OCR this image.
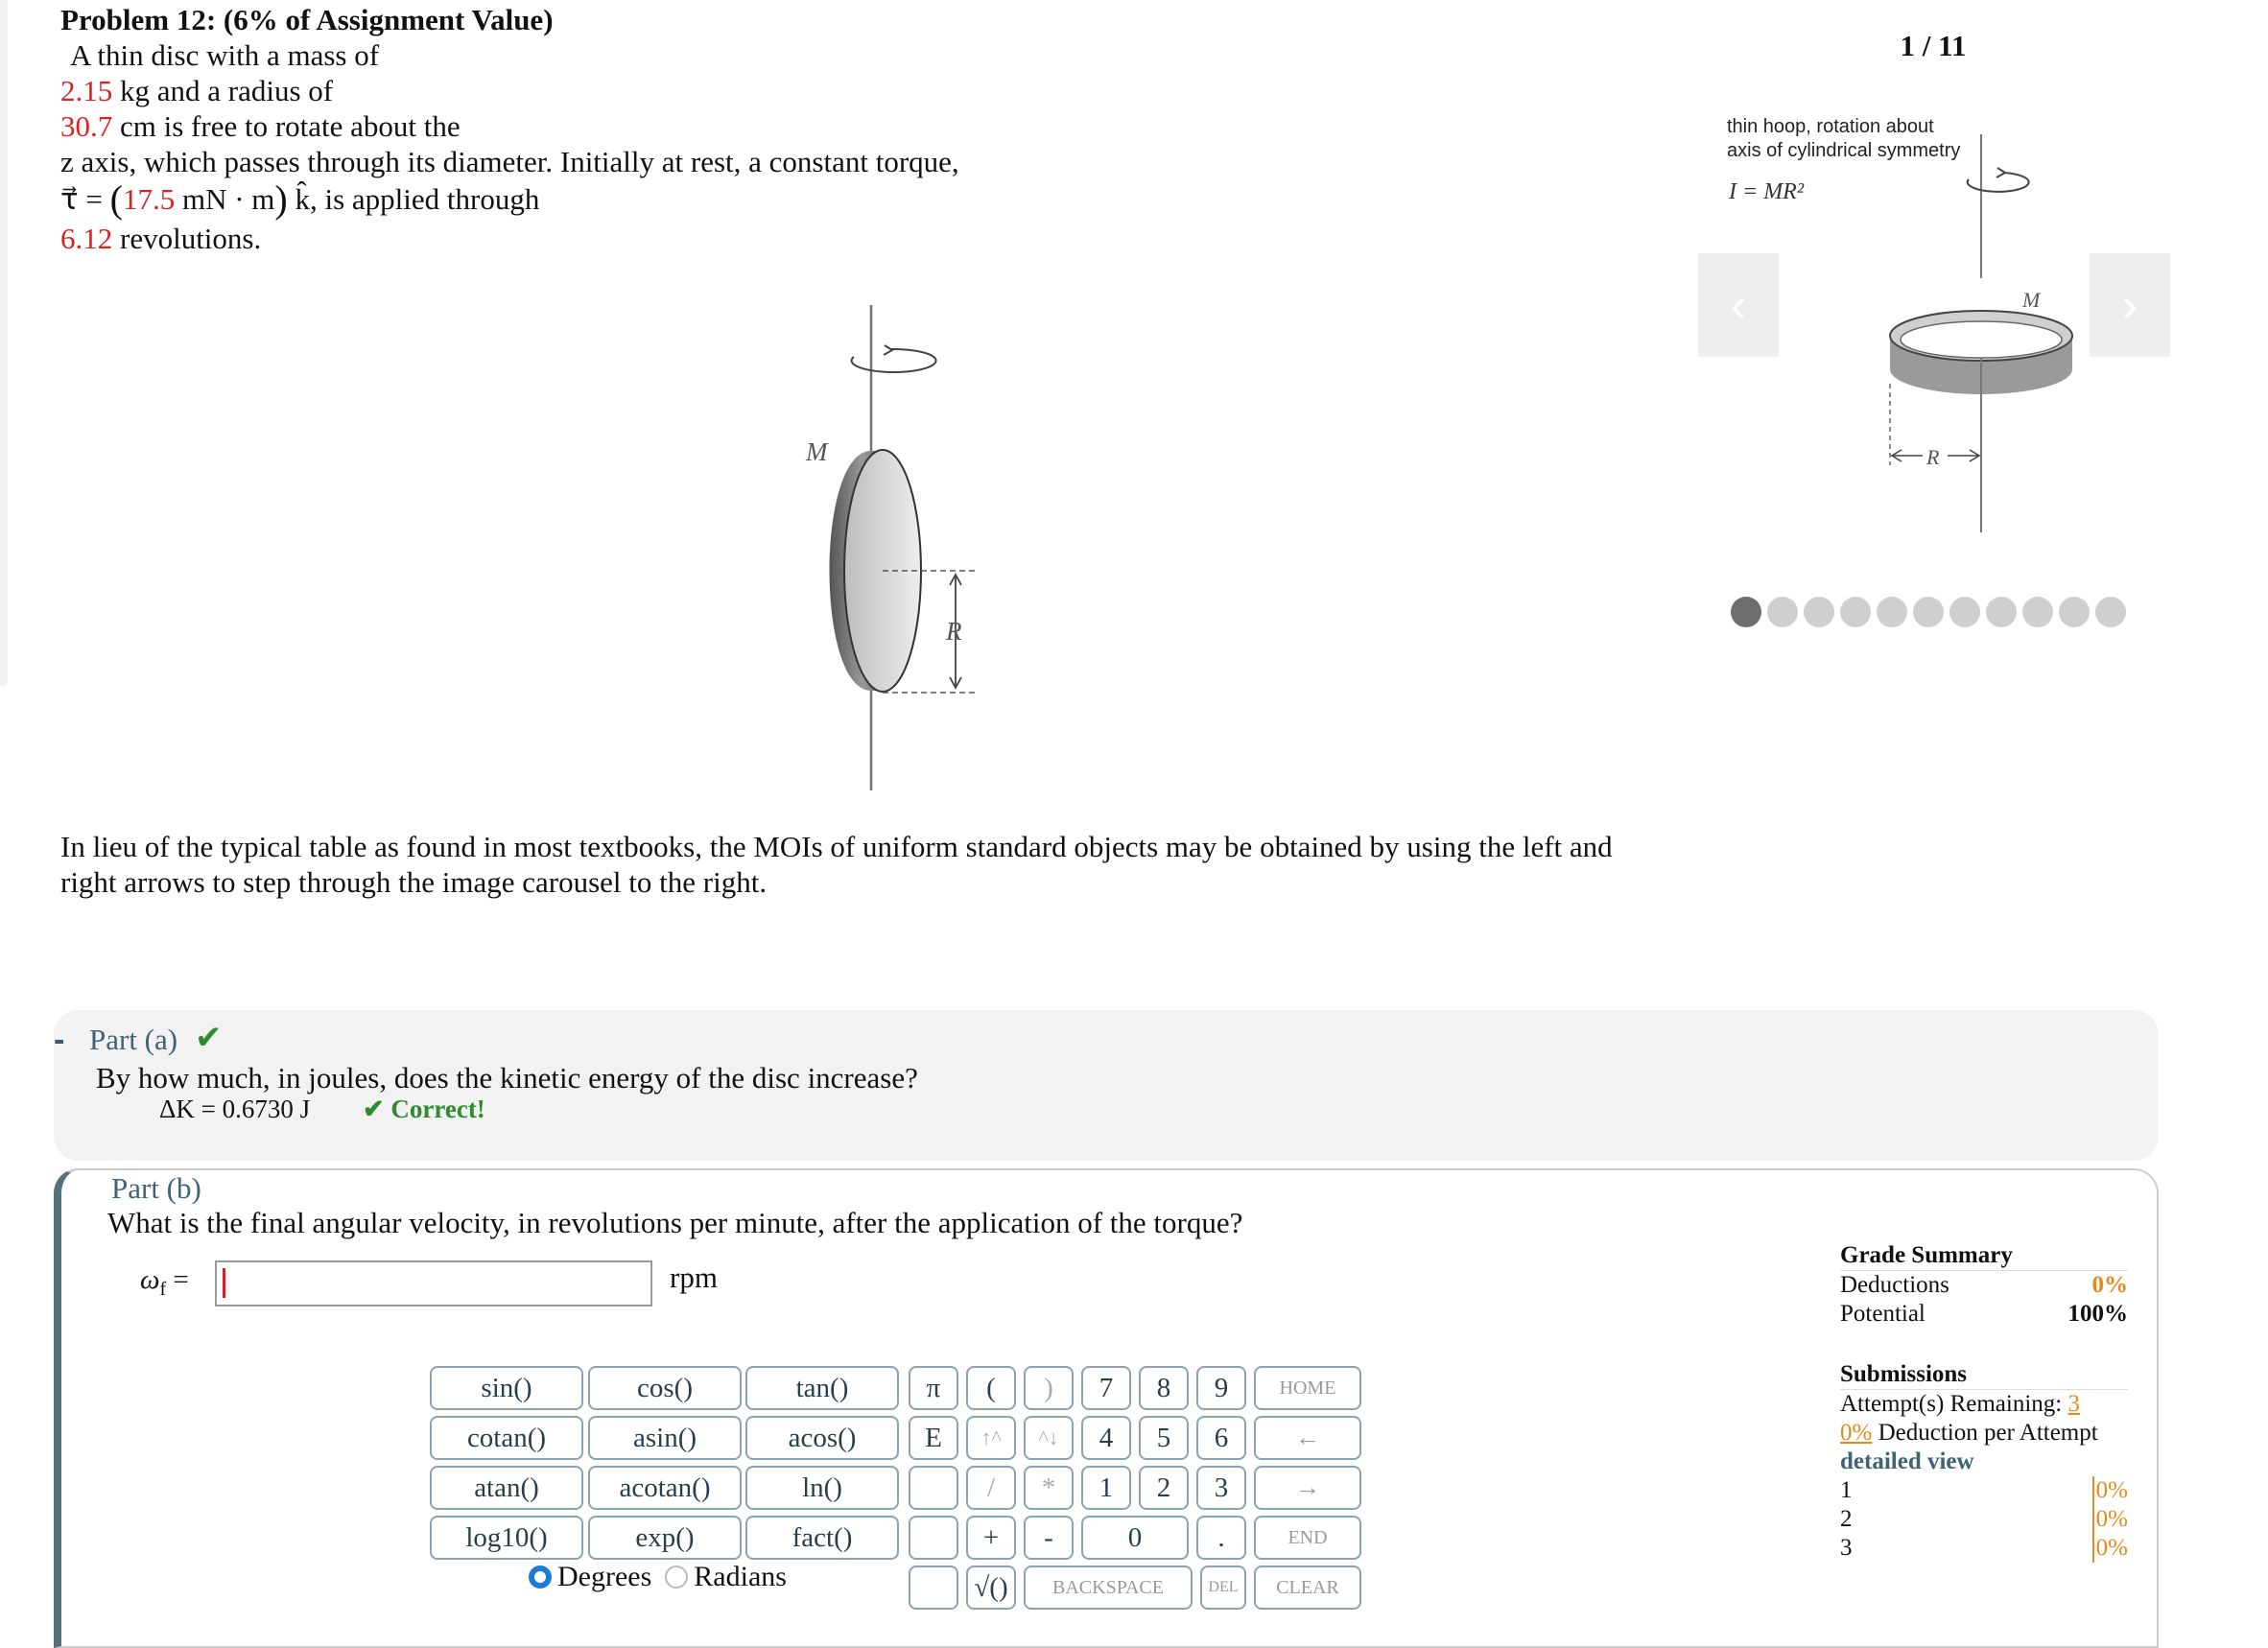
Problem 12: (6% of Assignment Value)
A thin disc with a mass of
2.15 kg and a radius of
30.7 cm is free to rotate about the
z axis, which passes through its diameter. Initially at rest, a constant torque,
τ⃗ = (17.5 mN · m) k̂, is applied through
6.12 revolutions.
M
R
In lieu of the typical table as found in most textbooks, the MOIs of uniform standard objects may be obtained by using the left and
right arrows to step through the image carousel to the right.
1 / 11
thin hoop, rotation about
axis of cylindrical symmetry
I = MR²
M
R
‹	›
- Part (a) ✔
By how much, in joules, does the kinetic energy of the disc increase?
ΔK = 0.6730 J ✔ Correct!
Part (b)
What is the final angular velocity, in revolutions per minute, after the application of the torque?
$\omega_f$ =	rpm
sin()	cos()	tan()
cotan()	asin()	acos()
atan()	acotan()	ln()
log10()	exp()	fact()
π	(	)
E	↑^	^↓
/	*
+	-
√()
7	8	9
4	5	6
1	2	3
0	.
HOME
←
→
END
BACKSPACE	DEL	CLEAR
Degrees Radians
Grade Summary
Deductions	0%
Potential	100%
Submissions
Attempt(s) Remaining: 3
0% Deduction per Attempt
detailed view
1	0%
2	0%
3	0%
